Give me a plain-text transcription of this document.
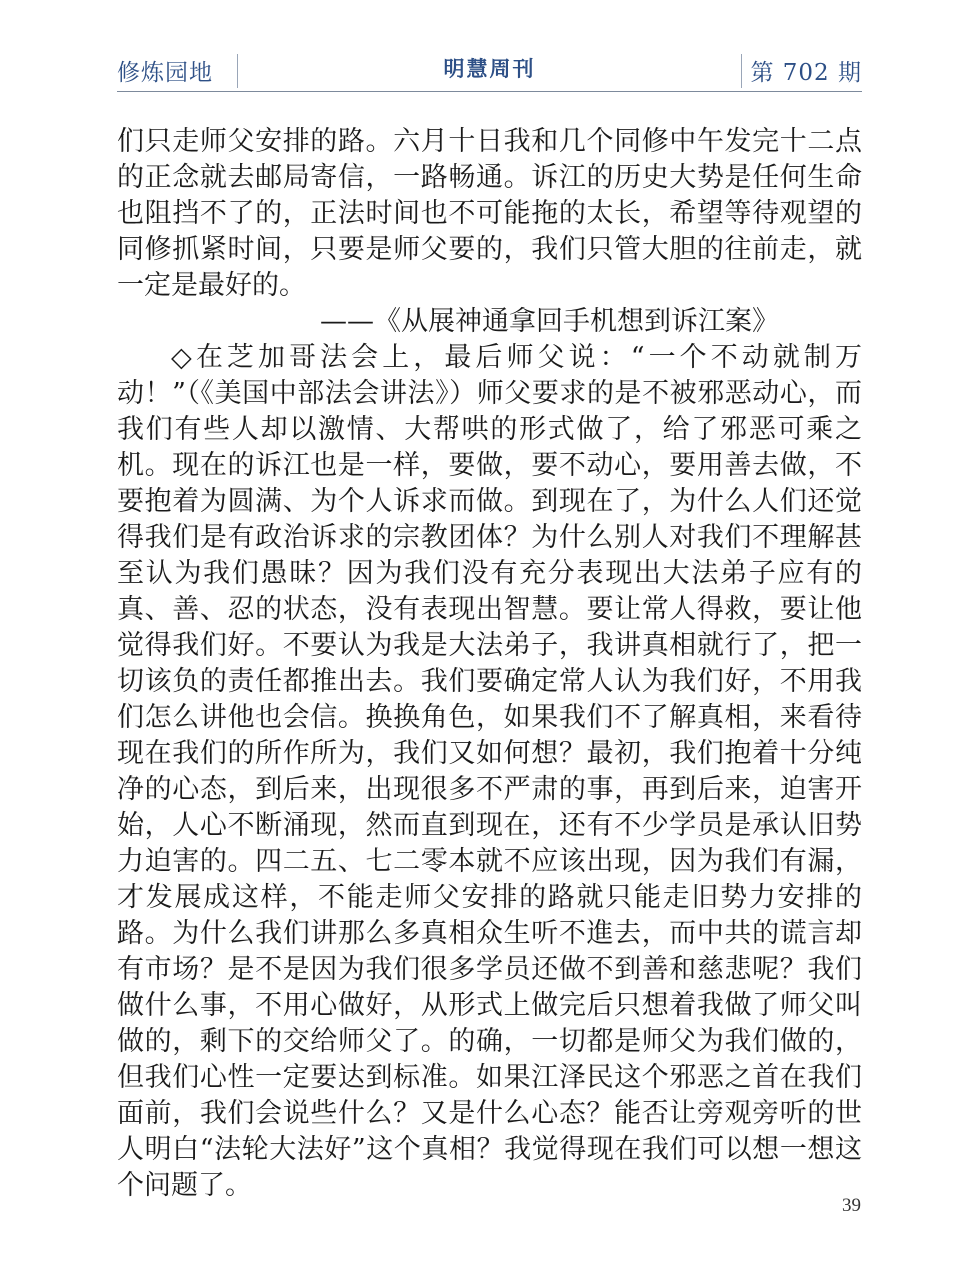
修炼园地	明慧周刊	第 702 期

们只走师父安排的路。六月十日我和几个同修中午发完十二点的正念就去邮局寄信，一路畅通。诉江的历史大势是任何生命也阻挡不了的，正法时间也不可能拖的太长，希望等待观望的同修抓紧时间，只要是师父要的，我们只管大胆的往前走，就一定是最好的。

——《从展神通拿回手机想到诉江案》

◇在芝加哥法会上，最后师父说：“一个不动就制万动！”（《美国中部法会讲法》）师父要求的是不被邪恶动心，而我们有些人却以激情、大帮哄的形式做了，给了邪恶可乘之机。现在的诉江也是一样，要做，要不动心，要用善去做，不要抱着为圆满、为个人诉求而做。到现在了，为什么人们还觉得我们是有政治诉求的宗教团体？为什么别人对我们不理解甚至认为我们愚昧？因为我们没有充分表现出大法弟子应有的真、善、忍的状态，没有表现出智慧。要让常人得救，要让他觉得我们好。不要认为我是大法弟子，我讲真相就行了，把一切该负的责任都推出去。我们要确定常人认为我们好，不用我们怎么讲他也会信。换换角色，如果我们不了解真相，来看待现在我们的所作所为，我们又如何想？最初，我们抱着十分纯净的心态，到后来，出现很多不严肃的事，再到后来，迫害开始，人心不断涌现，然而直到现在，还有不少学员是承认旧势力迫害的。四二五、七二零本就不应该出现，因为我们有漏，才发展成这样，不能走师父安排的路就只能走旧势力安排的路。为什么我们讲那么多真相众生听不進去，而中共的谎言却有市场？是不是因为我们很多学员还做不到善和慈悲呢？我们做什么事，不用心做好，从形式上做完后只想着我做了师父叫做的，剩下的交给师父了。的确，一切都是师父为我们做的，但我们心性一定要达到标准。如果江泽民这个邪恶之首在我们面前，我们会说些什么？又是什么心态？能否让旁观旁听的世人明白“法轮大法好”这个真相？我觉得现在我们可以想一想这个问题了。

39
